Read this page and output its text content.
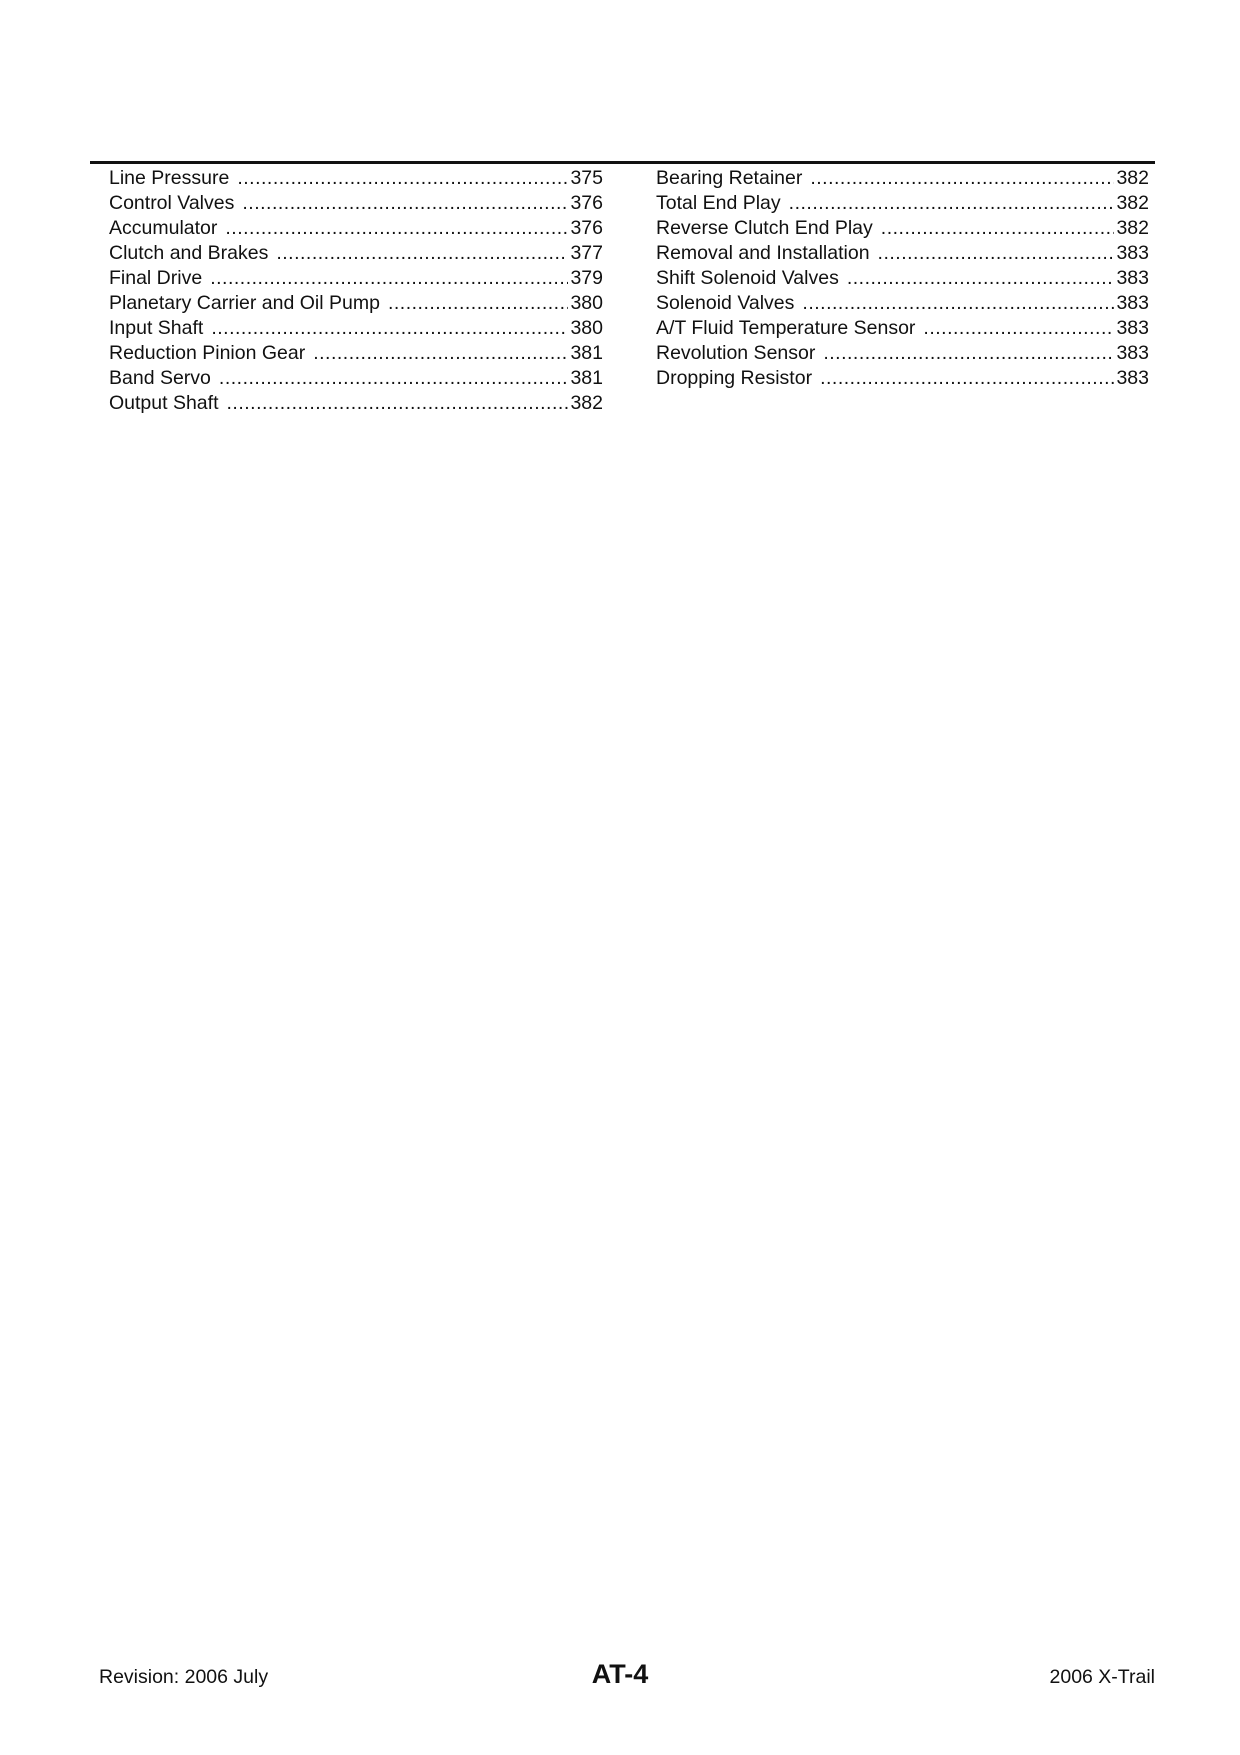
Line Pressure .....	375
Control Valves .....	376
Accumulator .....	376
Clutch and Brakes .....	377
Final Drive .....	379
Planetary Carrier and Oil Pump .....	380
Input Shaft .....	380
Reduction Pinion Gear .....	381
Band Servo .....	381
Output Shaft .....	382
Bearing Retainer .....	382
Total End Play .....	382
Reverse Clutch End Play .....	382
Removal and Installation .....	383
Shift Solenoid Valves .....	383
Solenoid Valves .....	383
A/T Fluid Temperature Sensor .....	383
Revolution Sensor .....	383
Dropping Resistor .....	383
Revision: 2006 July	AT-4	2006 X-Trail
